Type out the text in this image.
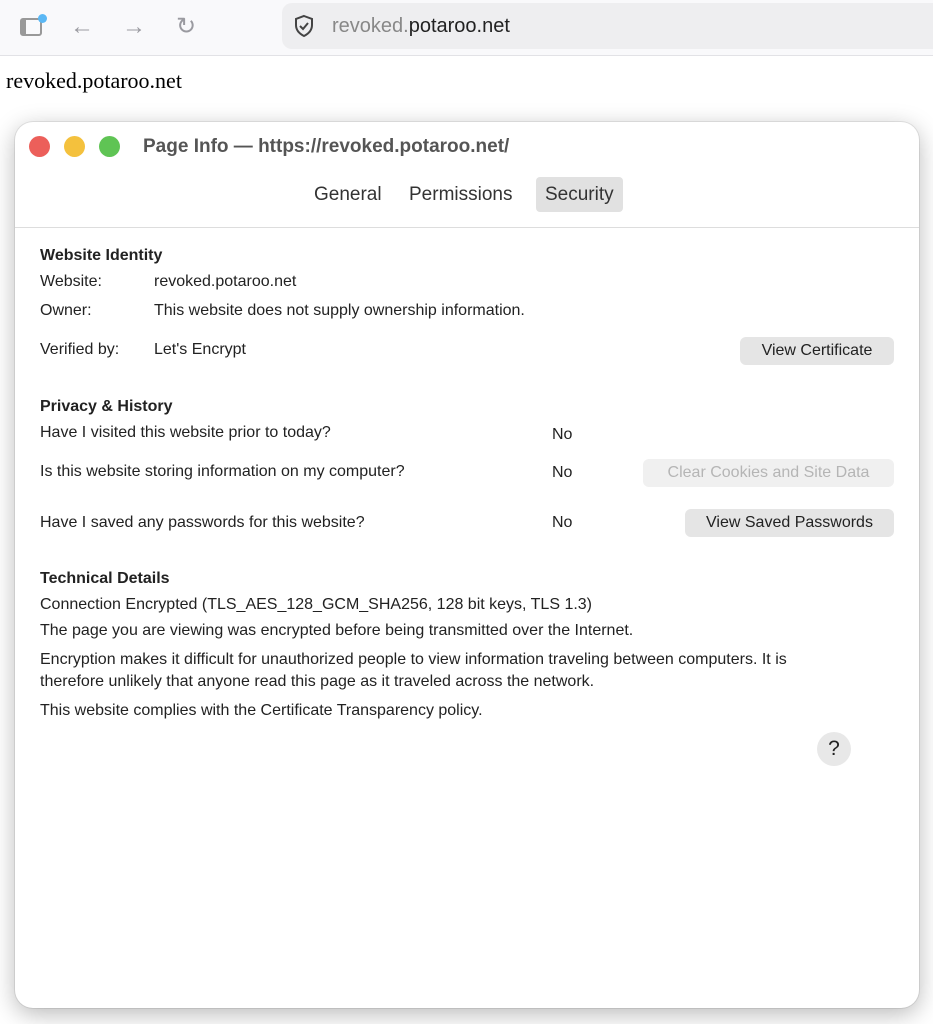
← → ↻	revoked.potaroo.net
revoked.potaroo.net
Page Info — https://revoked.potaroo.net/
General	Permissions	Security
Website Identity
Website:	revoked.potaroo.net
Owner:	This website does not supply ownership information.
Verified by: Let's Encrypt	View Certificate
Privacy & History
Have I visited this website prior to today?	No
Is this website storing information on my computer?	No	Clear Cookies and Site Data
Have I saved any passwords for this website?	No	View Saved Passwords
Technical Details
Connection Encrypted (TLS_AES_128_GCM_SHA256, 128 bit keys, TLS 1.3)
The page you are viewing was encrypted before being transmitted over the Internet.
Encryption makes it difficult for unauthorized people to view information traveling between computers. It is
therefore unlikely that anyone read this page as it traveled across the network.
This website complies with the Certificate Transparency policy.
?
